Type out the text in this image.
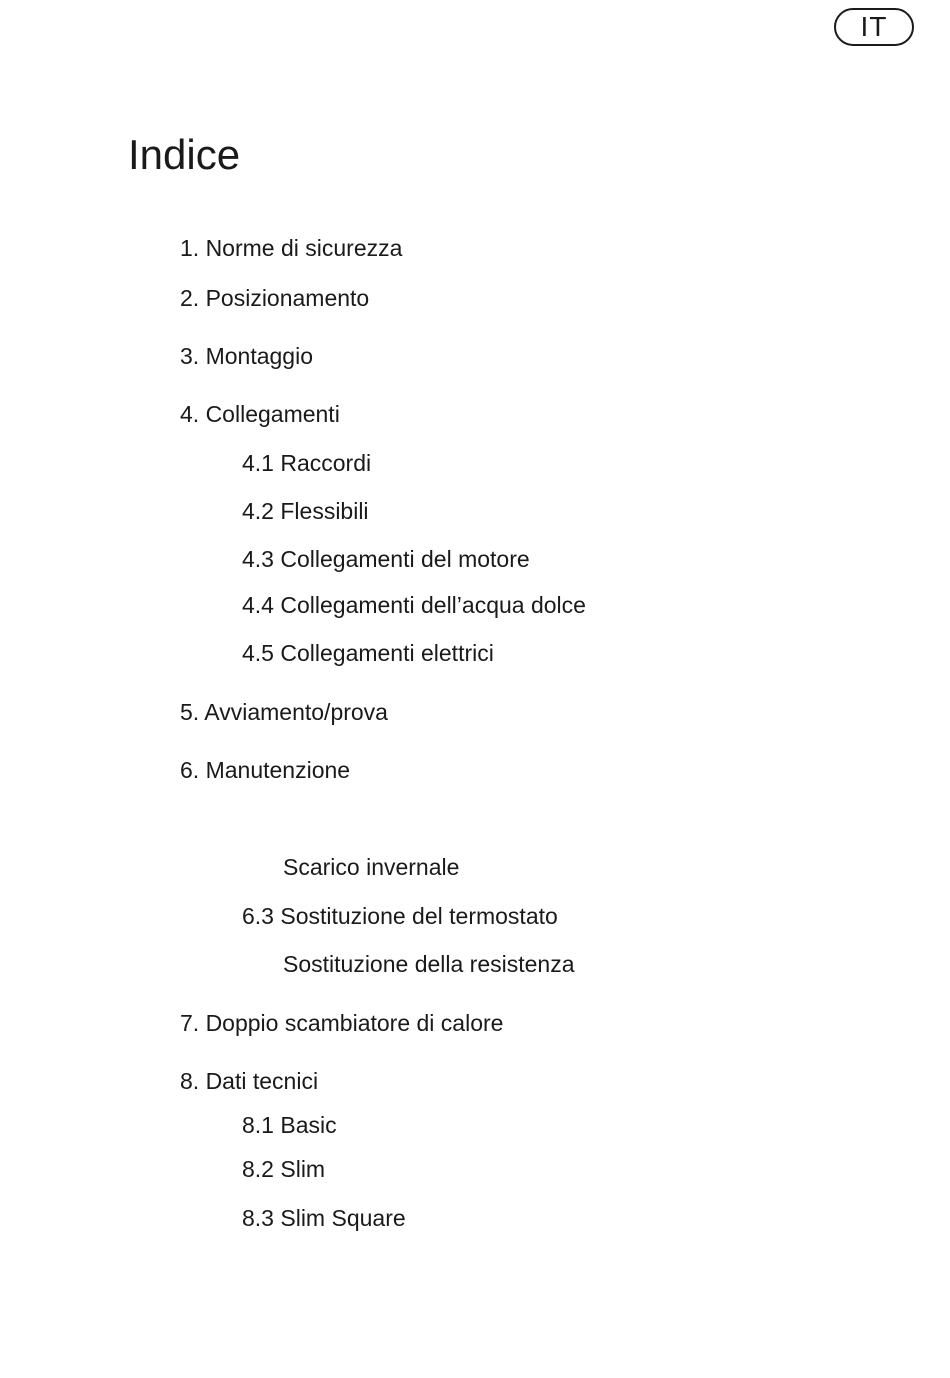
IT
Indice
1. Norme di sicurezza
2. Posizionamento
3. Montaggio
4. Collegamenti
4.1 Raccordi
4.2 Flessibili
4.3 Collegamenti del motore
4.4 Collegamenti dell’acqua dolce
4.5 Collegamenti elettrici
5. Avviamento/prova
6. Manutenzione
Scarico invernale
6.3 Sostituzione del termostato
Sostituzione della resistenza
7. Doppio scambiatore di calore
8. Dati tecnici
8.1 Basic
8.2 Slim
8.3 Slim Square
